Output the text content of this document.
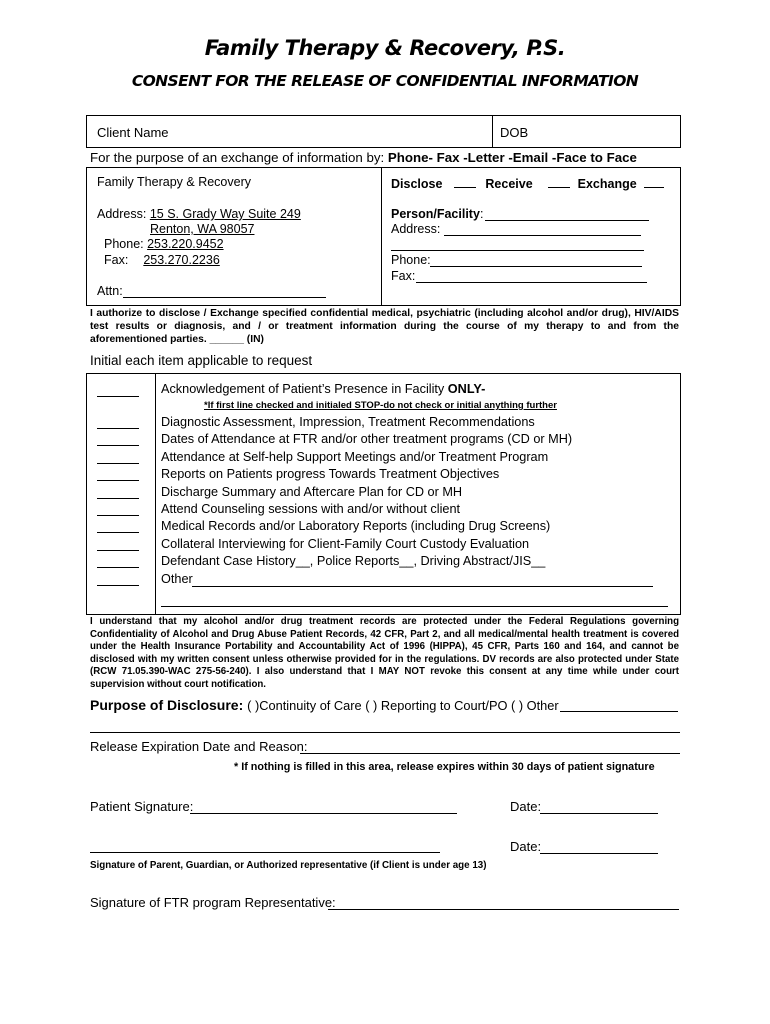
Family Therapy & Recovery, P.S.
CONSENT FOR THE RELEASE OF CONFIDENTIAL INFORMATION
Client Name	DOB
For the purpose of an exchange of information by: Phone- Fax -Letter -Email -Face to Face
Family Therapy & Recovery
Address: 15 S. Grady Way Suite 249
Renton, WA 98057
Phone: 253.220.9452
Fax: 253.270.2236
Attn:
Disclose	Receive	Exchange
Person/Facility:
Address:
Phone:
Fax:
I authorize to disclose / Exchange specified confidential medical, psychiatric (including alcohol and/or drug), HIV/AIDS test results or diagnosis, and / or treatment information during the course of my therapy to and from the aforementioned parties. ______ (IN)
Initial each item applicable to request
Acknowledgement of Patient’s Presence in Facility ONLY-
*If first line checked and initialed STOP-do not check or initial anything further
Diagnostic Assessment, Impression, Treatment Recommendations
Dates of Attendance at FTR and/or other treatment programs (CD or MH)
Attendance at Self-help Support Meetings and/or Treatment Program
Reports on Patients progress Towards Treatment Objectives
Discharge Summary and Aftercare Plan for CD or MH
Attend Counseling sessions with and/or without client
Medical Records and/or Laboratory Reports (including Drug Screens)
Collateral Interviewing for Client-Family Court Custody Evaluation
Defendant Case History__, Police Reports__, Driving Abstract/JIS__
Other
I understand that my alcohol and/or drug treatment records are protected under the Federal Regulations governing Confidentiality of Alcohol and Drug Abuse Patient Records, 42 CFR, Part 2, and all medical/mental health treatment is covered under the Health Insurance Portability and Accountability Act of 1996 (HIPPA), 45 CFR, Parts 160 and 164, and cannot be disclosed with my written consent unless otherwise provided for in the regulations. DV records are also protected under State (RCW 71.05.390-WAC 275-56-240). I also understand that I MAY NOT revoke this consent at any time while under court supervision without court notification.
Purpose of Disclosure: ( )Continuity of Care ( ) Reporting to Court/PO ( ) Other
Release Expiration Date and Reason:
* If nothing is filled in this area, release expires within 30 days of patient signature
Patient Signature:	Date:
Date:
Signature of Parent, Guardian, or Authorized representative (if Client is under age 13)
Signature of FTR program Representative:
